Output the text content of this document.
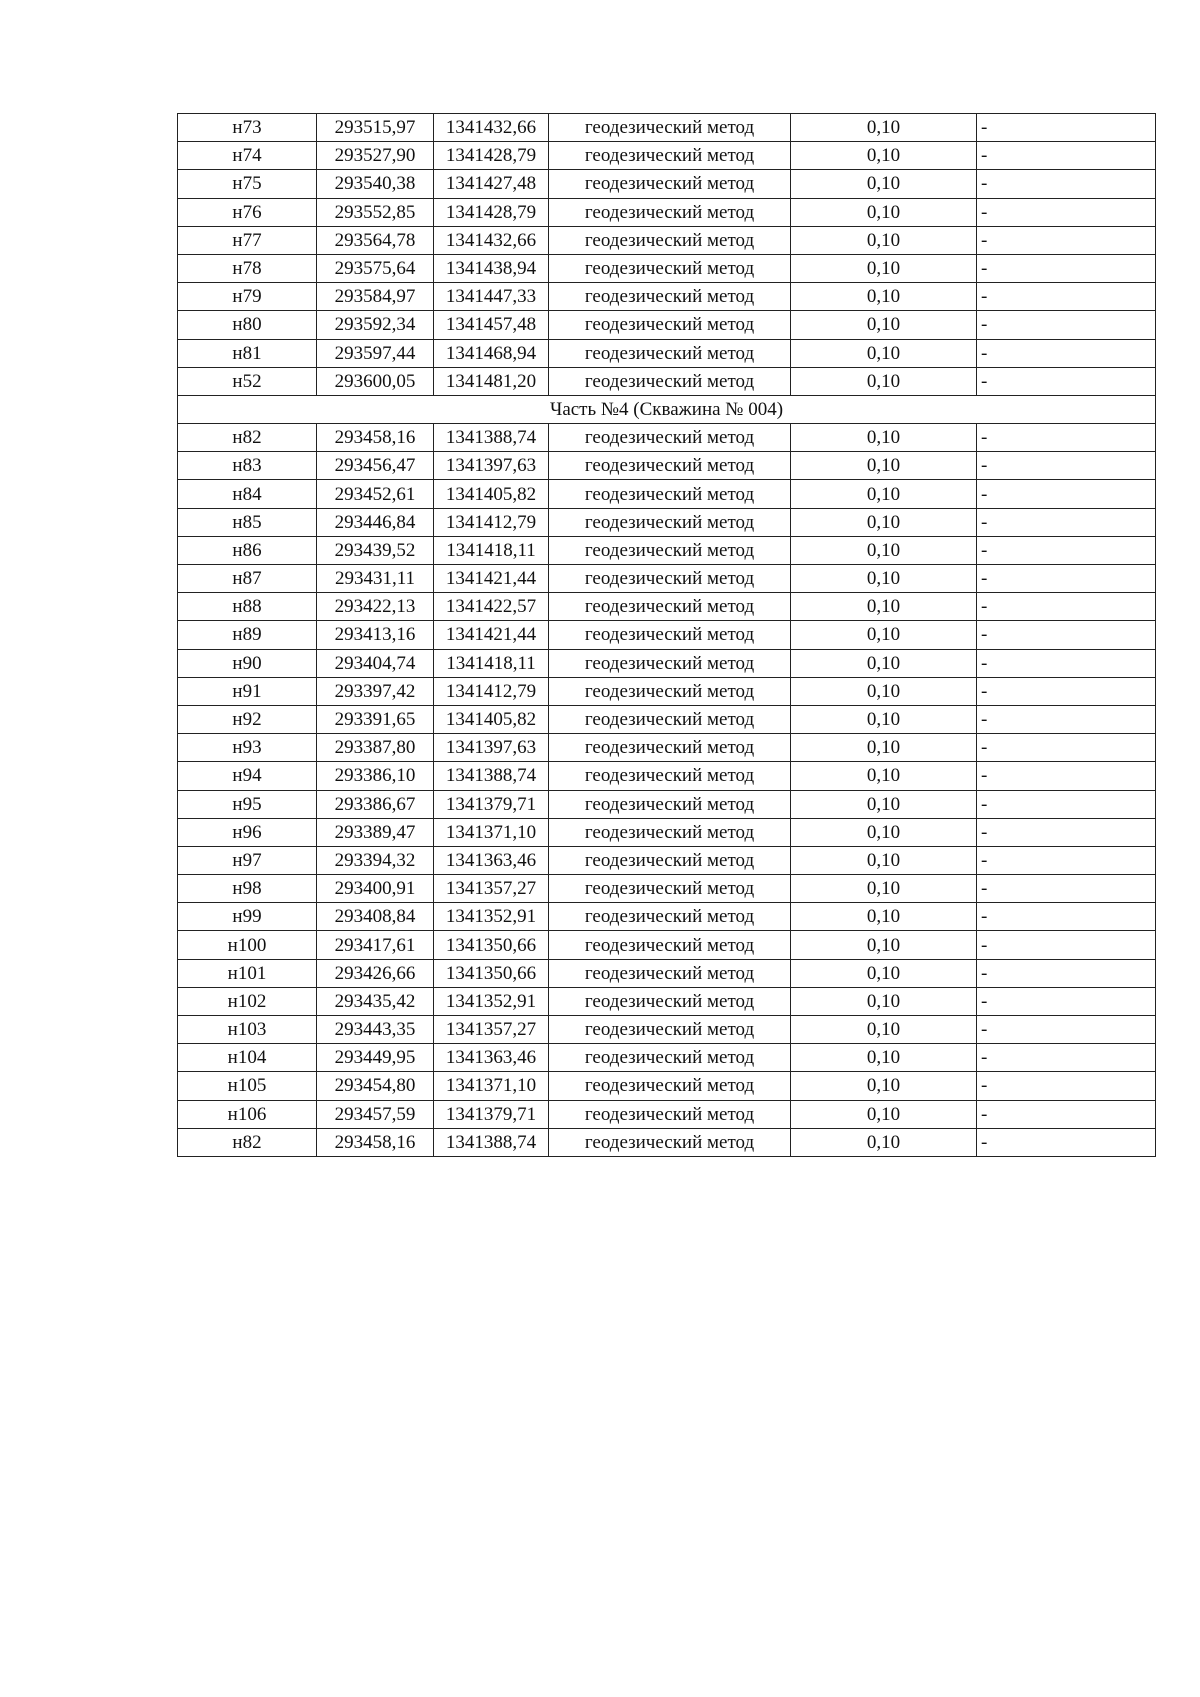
н73	293515,97	1341432,66	геодезический метод	0,10	-
н74	293527,90	1341428,79	геодезический метод	0,10	-
н75	293540,38	1341427,48	геодезический метод	0,10	-
н76	293552,85	1341428,79	геодезический метод	0,10	-
н77	293564,78	1341432,66	геодезический метод	0,10	-
н78	293575,64	1341438,94	геодезический метод	0,10	-
н79	293584,97	1341447,33	геодезический метод	0,10	-
н80	293592,34	1341457,48	геодезический метод	0,10	-
н81	293597,44	1341468,94	геодезический метод	0,10	-
н52	293600,05	1341481,20	геодезический метод	0,10	-
Часть №4 (Скважина № 004)					
н82	293458,16	1341388,74	геодезический метод	0,10	-
н83	293456,47	1341397,63	геодезический метод	0,10	-
н84	293452,61	1341405,82	геодезический метод	0,10	-
н85	293446,84	1341412,79	геодезический метод	0,10	-
н86	293439,52	1341418,11	геодезический метод	0,10	-
н87	293431,11	1341421,44	геодезический метод	0,10	-
н88	293422,13	1341422,57	геодезический метод	0,10	-
н89	293413,16	1341421,44	геодезический метод	0,10	-
н90	293404,74	1341418,11	геодезический метод	0,10	-
н91	293397,42	1341412,79	геодезический метод	0,10	-
н92	293391,65	1341405,82	геодезический метод	0,10	-
н93	293387,80	1341397,63	геодезический метод	0,10	-
н94	293386,10	1341388,74	геодезический метод	0,10	-
н95	293386,67	1341379,71	геодезический метод	0,10	-
н96	293389,47	1341371,10	геодезический метод	0,10	-
н97	293394,32	1341363,46	геодезический метод	0,10	-
н98	293400,91	1341357,27	геодезический метод	0,10	-
н99	293408,84	1341352,91	геодезический метод	0,10	-
н100	293417,61	1341350,66	геодезический метод	0,10	-
н101	293426,66	1341350,66	геодезический метод	0,10	-
н102	293435,42	1341352,91	геодезический метод	0,10	-
н103	293443,35	1341357,27	геодезический метод	0,10	-
н104	293449,95	1341363,46	геодезический метод	0,10	-
н105	293454,80	1341371,10	геодезический метод	0,10	-
н106	293457,59	1341379,71	геодезический метод	0,10	-
н82	293458,16	1341388,74	геодезический метод	0,10	-
